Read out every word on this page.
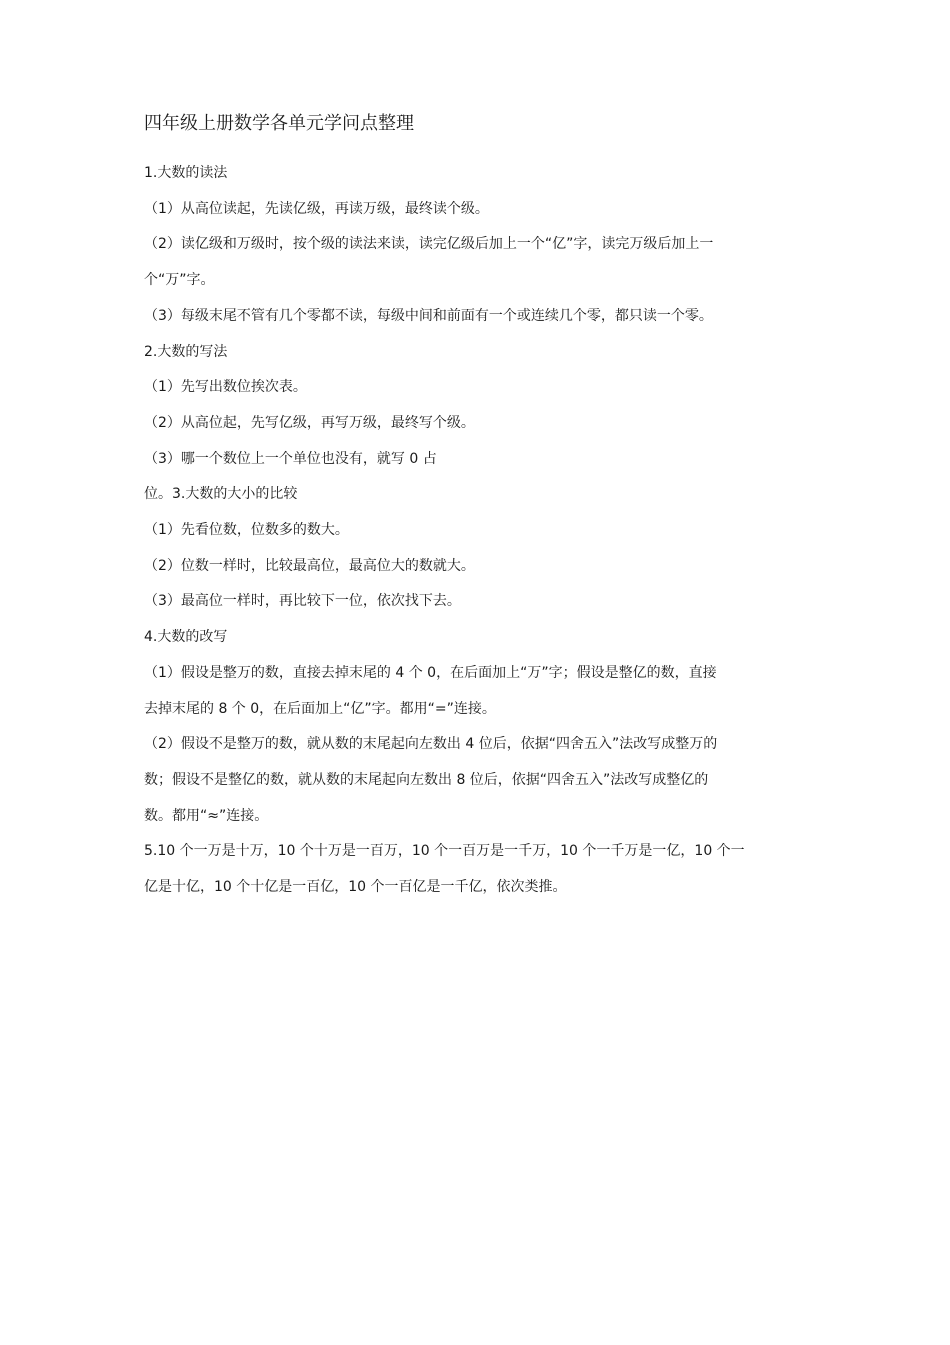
四年级上册数学各单元学问点整理

1.大数的读法

（1）从高位读起，先读亿级，再读万级，最终读个级。

（2）读亿级和万级时，按个级的读法来读，读完亿级后加上一个“亿”字，读完万级后加上一

个“万”字。

（3）每级末尾不管有几个零都不读，每级中间和前面有一个或连续几个零，都只读一个零。

2.大数的写法

（1）先写出数位挨次表。

（2）从高位起，先写亿级，再写万级，最终写个级。

（3）哪一个数位上一个单位也没有，就写 0 占

位。3.大数的大小的比较

（1）先看位数，位数多的数大。

（2）位数一样时，比较最高位，最高位大的数就大。

（3）最高位一样时，再比较下一位，依次找下去。

4.大数的改写

（1）假设是整万的数，直接去掉末尾的 4 个 0，在后面加上“万”字；假设是整亿的数，直接

去掉末尾的 8 个 0，在后面加上“亿”字。都用“=”连接。

（2）假设不是整万的数，就从数的末尾起向左数出 4 位后，依据“四舍五入”法改写成整万的

数；假设不是整亿的数，就从数的末尾起向左数出 8 位后，依据“四舍五入”法改写成整亿的

数。都用“≈”连接。

5.10 个一万是十万，10 个十万是一百万，10 个一百万是一千万，10 个一千万是一亿，10 个一

亿是十亿，10 个十亿是一百亿，10 个一百亿是一千亿，依次类推。
